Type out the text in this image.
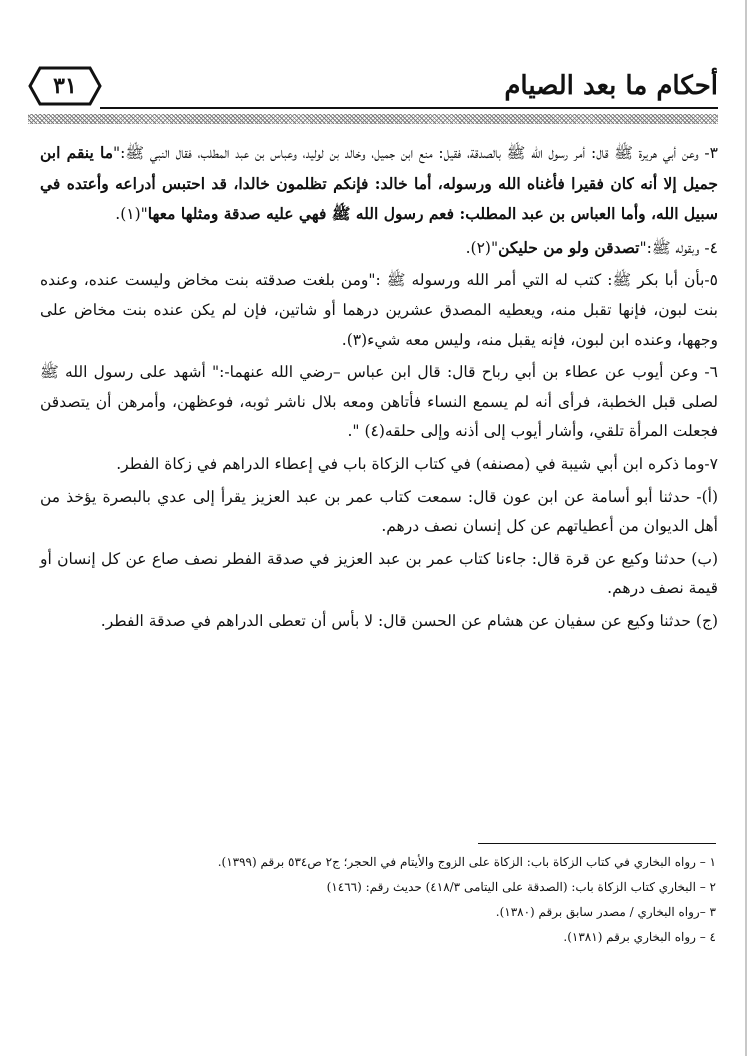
٣١	أحكام ما بعد الصيام

٣- وعن أبي هريرة ﷺ قال: أمر رسول الله ﷺ بالصدقة، فقيل: منع ابن جميل، وخالد بن لوليد، وعباس بن عبد المطلب، فقال النبي ﷺ:"ما ينقم ابن جميل إلا أنه كان فقيرا فأغناه الله ورسوله، أما خالد: فإنكم تظلمون خالدا، قد احتبس أدراعه وأعتده في سبيل الله، وأما العباس بن عبد المطلب: فعم رسول الله ﷺ فهي عليه صدقة ومثلها معها"(١).

٤- وبقوله ﷺ:"تصدقن ولو من حليكن"(٢).

٥-بأن أبا بكر ﷺ: كتب له التي أمر الله ورسوله ﷺ :"ومن بلغت صدقته بنت مخاض وليست عنده، وعنده بنت لبون، فإنها تقبل منه، ويعطيه المصدق عشرين درهما أو شاتين، فإن لم يكن عنده بنت مخاض على وجهها، وعنده ابن لبون، فإنه يقبل منه، وليس معه شيء(٣).

٦- وعن أيوب عن عطاء بن أبي رباح قال: قال ابن عباس –رضي الله عنهما-:" أشهد على رسول الله ﷺ لصلى قبل الخطبة، فرأى أنه لم يسمع النساء فأتاهن ومعه بلال ناشر ثوبه، فوعظهن، وأمرهن أن يتصدقن فجعلت المرأة تلقي، وأشار أيوب إلى أذنه وإلى حلقه(٤) ".

٧-وما ذكره ابن أبي شيبة في (مصنفه) في كتاب الزكاة باب في إعطاء الدراهم في زكاة الفطر.

(أ)- حدثنا أبو أسامة عن ابن عون قال: سمعت كتاب عمر بن عبد العزيز يقرأ إلى عدي بالبصرة يؤخذ من أهل الديوان من أعطياتهم عن كل إنسان نصف درهم.

(ب) حدثنا وكيع عن قرة قال: جاءنا كتاب عمر بن عبد العزيز في صدقة الفطر نصف صاع عن كل إنسان أو قيمة نصف درهم.

(ج) حدثنا وكيع عن سفيان عن هشام عن الحسن قال: لا بأس أن تعطى الدراهم في صدقة الفطر.

١ – رواه البخاري في كتاب الزكاة باب: الزكاة على الزوج والأيتام في الحجر؛ ج٢ ص٥٣٤ برقم (١٣٩٩).
٢ – البخاري كتاب الزكاة باب: (الصدقة على اليتامى ٤١٨/٣) حديث رقم: (١٤٦٦)
٣ –رواه البخاري / مصدر سابق برقم (١٣٨٠).
٤ – رواه البخاري برقم (١٣٨١).
